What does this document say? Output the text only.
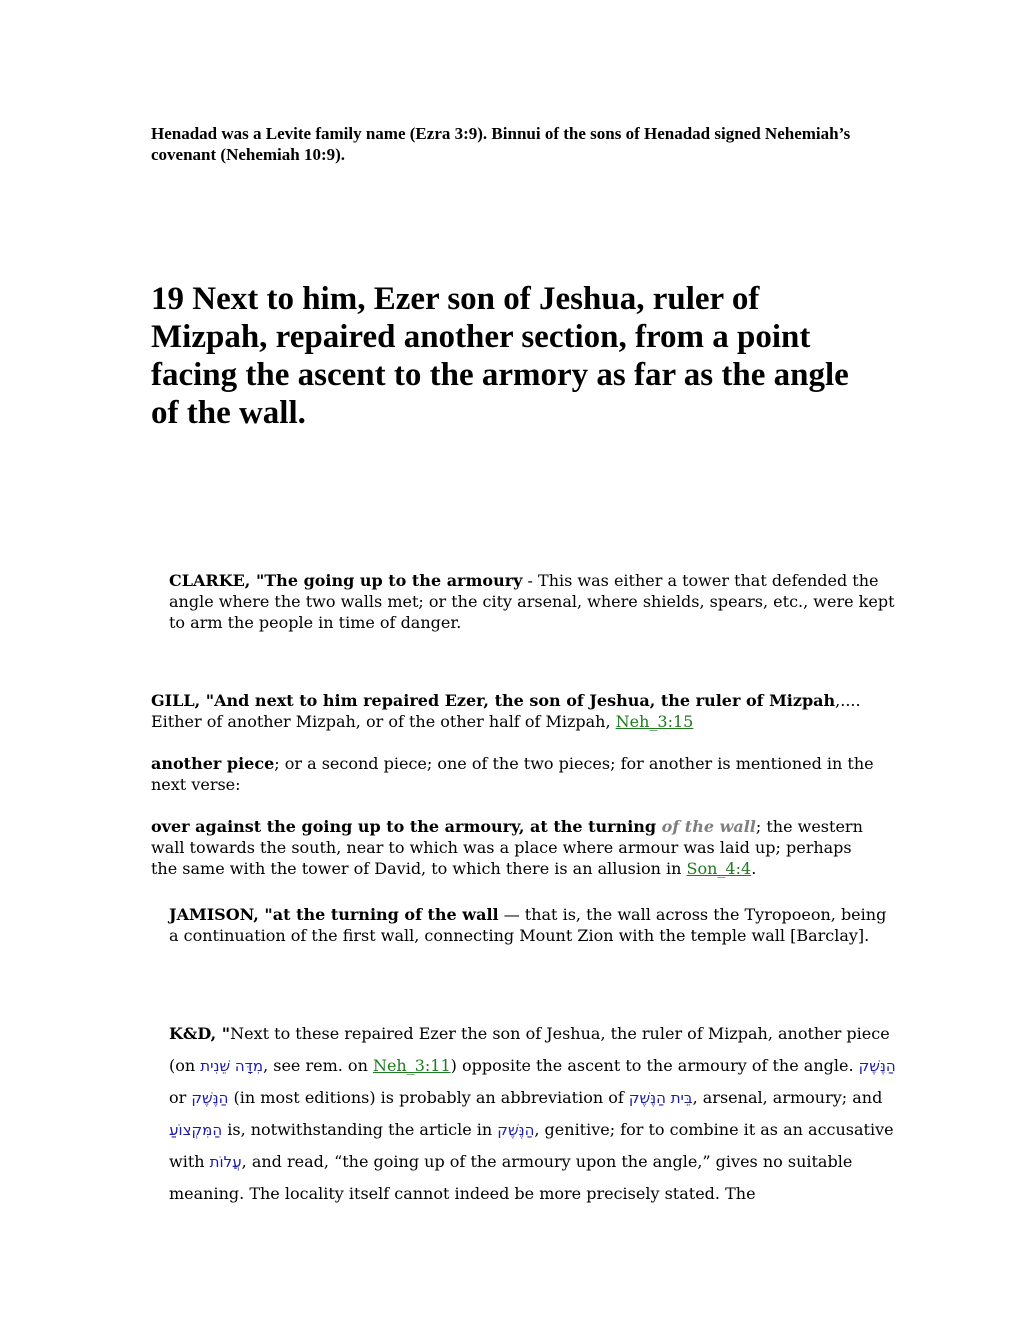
Henadad was a Levite family name (Ezra 3:9). Binnui of the sons of Henadad signed Nehemiah’s covenant (Nehemiah 10:9).
19 Next to him, Ezer son of Jeshua, ruler of Mizpah, repaired another section, from a point facing the ascent to the armory as far as the angle of the wall.
CLARKE, "The going up to the armoury - This was either a tower that defended the angle where the two walls met; or the city arsenal, where shields, spears, etc., were kept to arm the people in time of danger.
GILL, "And next to him repaired Ezer, the son of Jeshua, the ruler of Mizpah,.... Either of another Mizpah, or of the other half of Mizpah, Neh_3:15
another piece; or a second piece; one of the two pieces; for another is mentioned in the next verse:
over against the going up to the armoury, at the turning of the wall; the western wall towards the south, near to which was a place where armour was laid up; perhaps the same with the tower of David, to which there is an allusion in Son_4:4.
JAMISON, "at the turning of the wall — that is, the wall across the Tyropoeon, being a continuation of the first wall, connecting Mount Zion with the temple wall [Barclay].
K&D, "Next to these repaired Ezer the son of Jeshua, the ruler of Mizpah, another piece (on מִדָּה שֵׁנִית, see rem. on Neh_3:11) opposite the ascent to the armoury of the angle. הַנֶּשֶׁק or הַנֶּשֶׁק (in most editions) is probably an abbreviation of בֵּית הַנֶּשֶׁק, arsenal, armoury; and הַמִּקְצוֹעַ is, notwithstanding the article in הַנֶּשֶׁק, genitive; for to combine it as an accusative with עֲלוֹת, and read, “the going up of the armoury upon the angle,” gives no suitable meaning. The locality itself cannot indeed be more precisely stated. The
